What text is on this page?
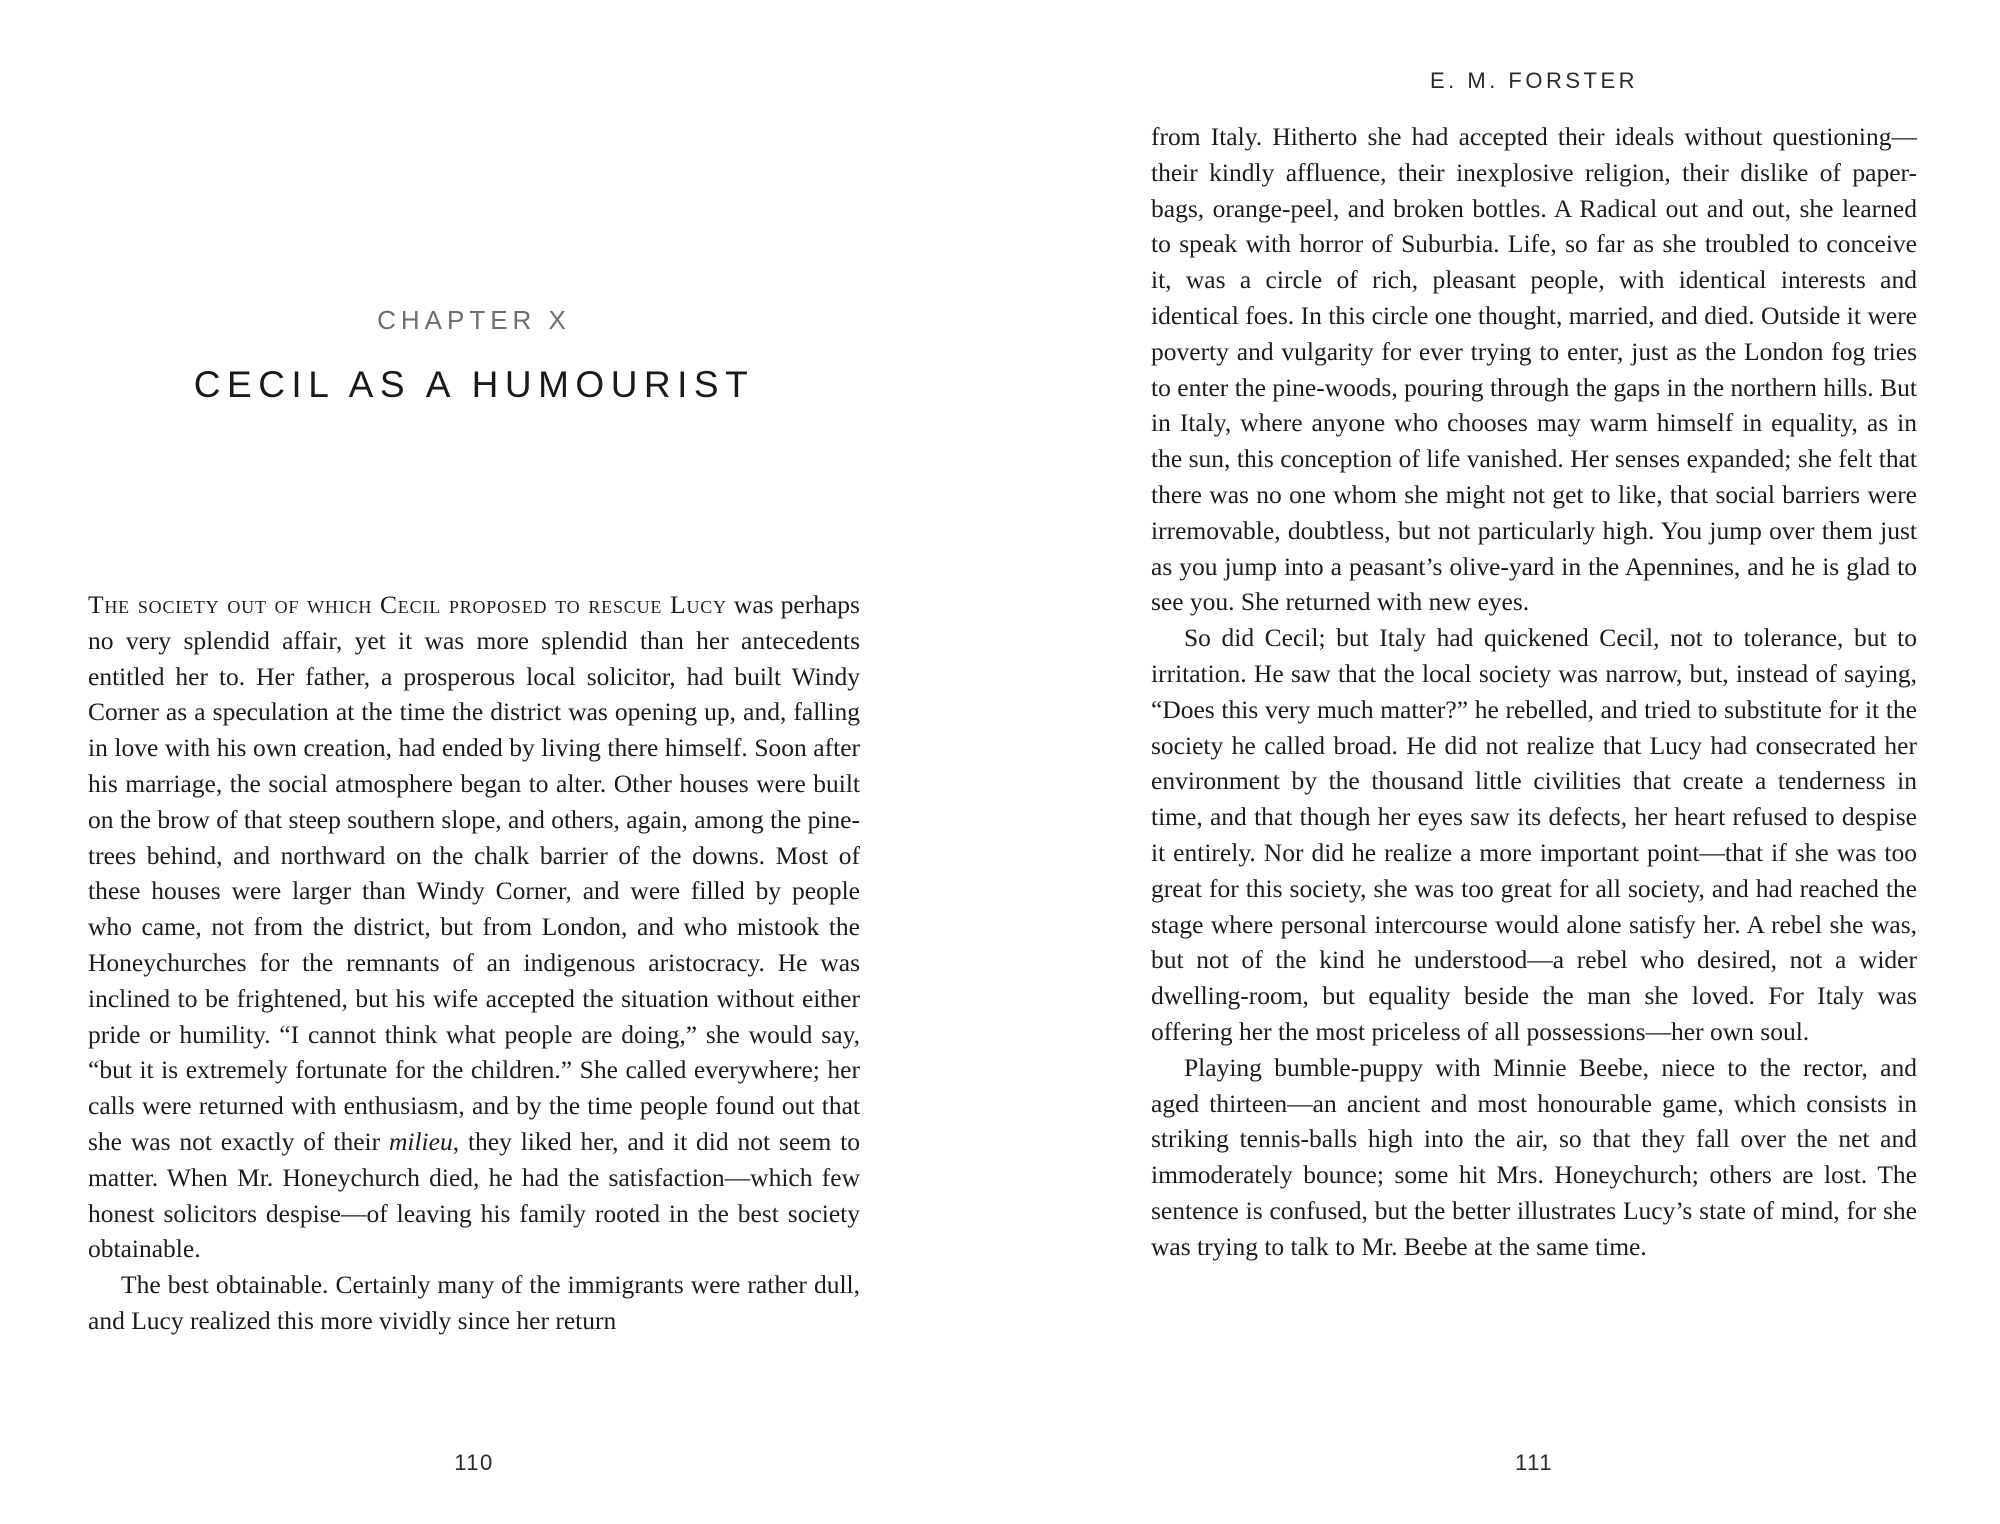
CHAPTER X
CECIL AS A HUMOURIST

The society out of which Cecil proposed to rescue Lucy was perhaps no very splendid affair, yet it was more splendid than her antecedents entitled her to. Her father, a prosperous local solicitor, had built Windy Corner as a speculation at the time the district was opening up, and, falling in love with his own creation, had ended by living there himself. Soon after his marriage, the social atmosphere began to alter. Other houses were built on the brow of that steep southern slope, and others, again, among the pine-trees behind, and northward on the chalk barrier of the downs. Most of these houses were larger than Windy Corner, and were filled by people who came, not from the district, but from London, and who mistook the Honeychurches for the remnants of an indigenous aristocracy. He was inclined to be frightened, but his wife accepted the situation without either pride or humility. “I cannot think what people are doing,” she would say, “but it is extremely fortunate for the children.” She called everywhere; her calls were returned with enthusiasm, and by the time people found out that she was not exactly of their milieu, they liked her, and it did not seem to matter. When Mr. Honeychurch died, he had the satisfaction—which few honest solicitors despise—of leaving his family rooted in the best society obtainable.

The best obtainable. Certainly many of the immigrants were rather dull, and Lucy realized this more vividly since her return

110
E. M. FORSTER

from Italy. Hitherto she had accepted their ideals without questioning—their kindly affluence, their inexplosive religion, their dislike of paper-bags, orange-peel, and broken bottles. A Radical out and out, she learned to speak with horror of Suburbia. Life, so far as she troubled to conceive it, was a circle of rich, pleasant people, with identical interests and identical foes. In this circle one thought, married, and died. Outside it were poverty and vulgarity for ever trying to enter, just as the London fog tries to enter the pine-woods, pouring through the gaps in the northern hills. But in Italy, where anyone who chooses may warm himself in equality, as in the sun, this conception of life vanished. Her senses expanded; she felt that there was no one whom she might not get to like, that social barriers were irremovable, doubtless, but not particularly high. You jump over them just as you jump into a peasant’s olive-yard in the Apennines, and he is glad to see you. She returned with new eyes.

So did Cecil; but Italy had quickened Cecil, not to tolerance, but to irritation. He saw that the local society was narrow, but, instead of saying, “Does this very much matter?” he rebelled, and tried to substitute for it the society he called broad. He did not realize that Lucy had consecrated her environment by the thousand little civilities that create a tenderness in time, and that though her eyes saw its defects, her heart refused to despise it entirely. Nor did he realize a more important point—that if she was too great for this society, she was too great for all society, and had reached the stage where personal intercourse would alone satisfy her. A rebel she was, but not of the kind he understood—a rebel who desired, not a wider dwelling-room, but equality beside the man she loved. For Italy was offering her the most priceless of all possessions—her own soul.

Playing bumble-puppy with Minnie Beebe, niece to the rector, and aged thirteen—an ancient and most honourable game, which consists in striking tennis-balls high into the air, so that they fall over the net and immoderately bounce; some hit Mrs. Honeychurch; others are lost. The sentence is confused, but the better illustrates Lucy’s state of mind, for she was trying to talk to Mr. Beebe at the same time.

111
